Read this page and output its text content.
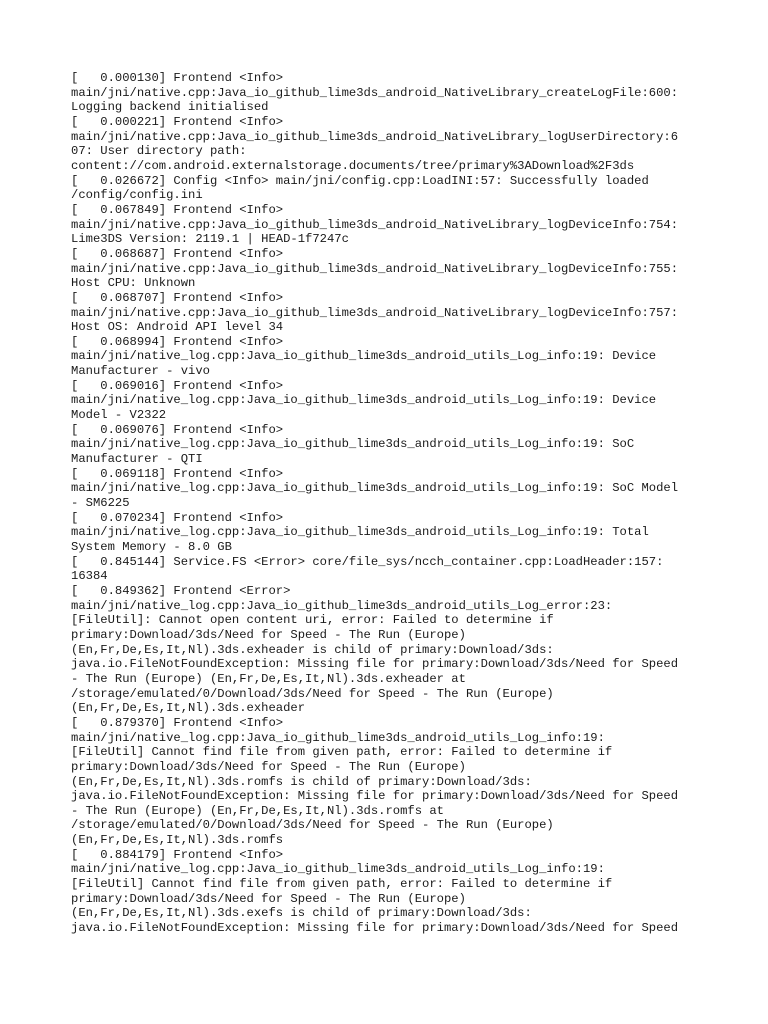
[   0.000130] Frontend <Info>
main/jni/native.cpp:Java_io_github_lime3ds_android_NativeLibrary_createLogFile:600:
Logging backend initialised
[   0.000221] Frontend <Info>
main/jni/native.cpp:Java_io_github_lime3ds_android_NativeLibrary_logUserDirectory:6
07: User directory path:
content://com.android.externalstorage.documents/tree/primary%3ADownload%2F3ds
[   0.026672] Config <Info> main/jni/config.cpp:LoadINI:57: Successfully loaded
/config/config.ini
[   0.067849] Frontend <Info>
main/jni/native.cpp:Java_io_github_lime3ds_android_NativeLibrary_logDeviceInfo:754:
Lime3DS Version: 2119.1 | HEAD-1f7247c
[   0.068687] Frontend <Info>
main/jni/native.cpp:Java_io_github_lime3ds_android_NativeLibrary_logDeviceInfo:755:
Host CPU: Unknown
[   0.068707] Frontend <Info>
main/jni/native.cpp:Java_io_github_lime3ds_android_NativeLibrary_logDeviceInfo:757:
Host OS: Android API level 34
[   0.068994] Frontend <Info>
main/jni/native_log.cpp:Java_io_github_lime3ds_android_utils_Log_info:19: Device
Manufacturer - vivo
[   0.069016] Frontend <Info>
main/jni/native_log.cpp:Java_io_github_lime3ds_android_utils_Log_info:19: Device
Model - V2322
[   0.069076] Frontend <Info>
main/jni/native_log.cpp:Java_io_github_lime3ds_android_utils_Log_info:19: SoC
Manufacturer - QTI
[   0.069118] Frontend <Info>
main/jni/native_log.cpp:Java_io_github_lime3ds_android_utils_Log_info:19: SoC Model
- SM6225
[   0.070234] Frontend <Info>
main/jni/native_log.cpp:Java_io_github_lime3ds_android_utils_Log_info:19: Total
System Memory - 8.0 GB
[   0.845144] Service.FS <Error> core/file_sys/ncch_container.cpp:LoadHeader:157:
16384
[   0.849362] Frontend <Error>
main/jni/native_log.cpp:Java_io_github_lime3ds_android_utils_Log_error:23:
[FileUtil]: Cannot open content uri, error: Failed to determine if
primary:Download/3ds/Need for Speed - The Run (Europe)
(En,Fr,De,Es,It,Nl).3ds.exheader is child of primary:Download/3ds:
java.io.FileNotFoundException: Missing file for primary:Download/3ds/Need for Speed
- The Run (Europe) (En,Fr,De,Es,It,Nl).3ds.exheader at
/storage/emulated/0/Download/3ds/Need for Speed - The Run (Europe)
(En,Fr,De,Es,It,Nl).3ds.exheader
[   0.879370] Frontend <Info>
main/jni/native_log.cpp:Java_io_github_lime3ds_android_utils_Log_info:19:
[FileUtil] Cannot find file from given path, error: Failed to determine if
primary:Download/3ds/Need for Speed - The Run (Europe)
(En,Fr,De,Es,It,Nl).3ds.romfs is child of primary:Download/3ds:
java.io.FileNotFoundException: Missing file for primary:Download/3ds/Need for Speed
- The Run (Europe) (En,Fr,De,Es,It,Nl).3ds.romfs at
/storage/emulated/0/Download/3ds/Need for Speed - The Run (Europe)
(En,Fr,De,Es,It,Nl).3ds.romfs
[   0.884179] Frontend <Info>
main/jni/native_log.cpp:Java_io_github_lime3ds_android_utils_Log_info:19:
[FileUtil] Cannot find file from given path, error: Failed to determine if
primary:Download/3ds/Need for Speed - The Run (Europe)
(En,Fr,De,Es,It,Nl).3ds.exefs is child of primary:Download/3ds:
java.io.FileNotFoundException: Missing file for primary:Download/3ds/Need for Speed
